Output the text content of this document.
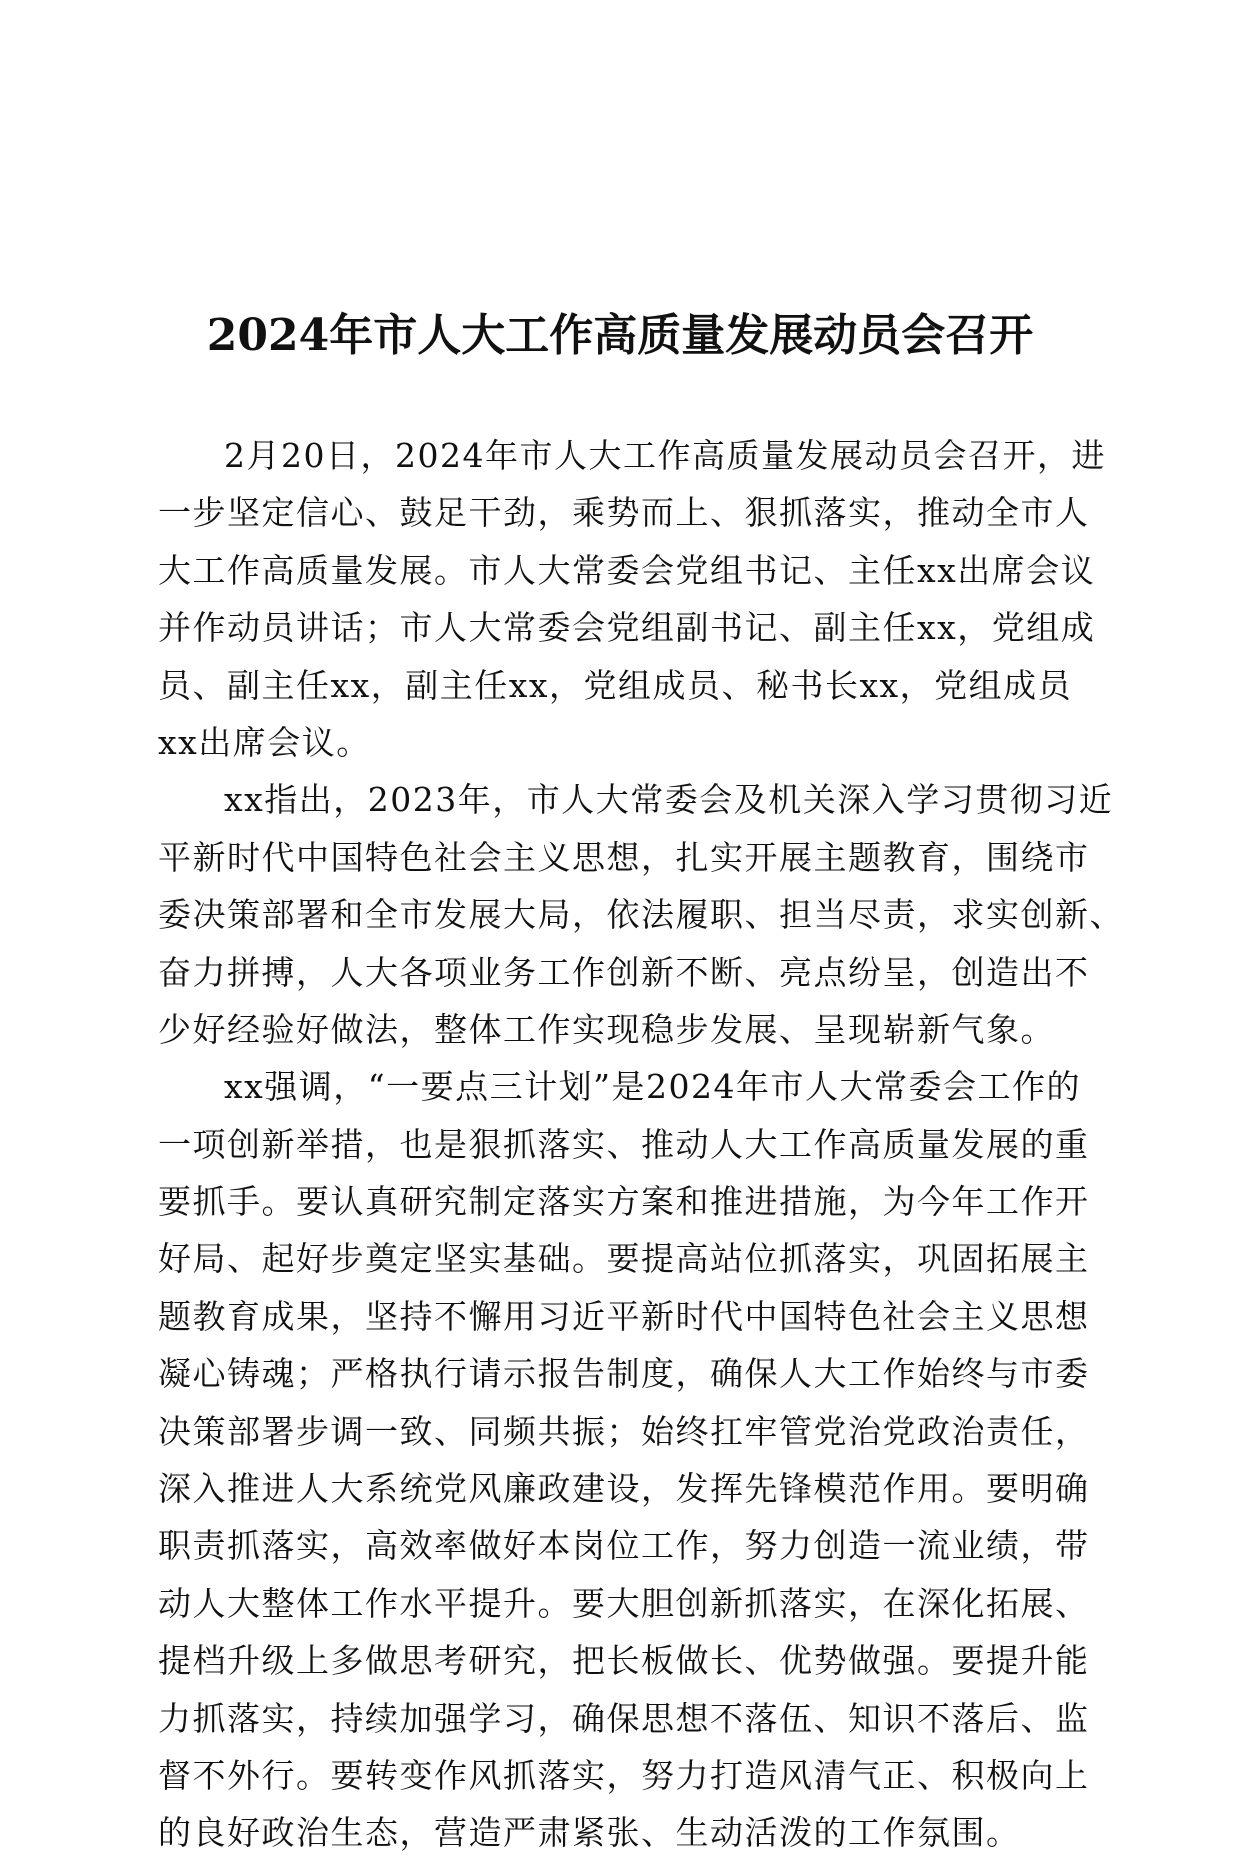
2024年市人大工作高质量发展动员会召开
2月20日，2024年市人大工作高质量发展动员会召开，进
一步坚定信心、鼓足干劲，乘势而上、狠抓落实，推动全市人
大工作高质量发展。市人大常委会党组书记、主任xx出席会议
并作动员讲话；市人大常委会党组副书记、副主任xx，党组成
员、副主任xx，副主任xx，党组成员、秘书长xx，党组成员
xx出席会议。
xx指出，2023年，市人大常委会及机关深入学习贯彻习近
平新时代中国特色社会主义思想，扎实开展主题教育，围绕市
委决策部署和全市发展大局，依法履职、担当尽责，求实创新、
奋力拼搏，人大各项业务工作创新不断、亮点纷呈，创造出不
少好经验好做法，整体工作实现稳步发展、呈现崭新气象。
xx强调，“一要点三计划”是2024年市人大常委会工作的
一项创新举措，也是狠抓落实、推动人大工作高质量发展的重
要抓手。要认真研究制定落实方案和推进措施，为今年工作开
好局、起好步奠定坚实基础。要提高站位抓落实，巩固拓展主
题教育成果，坚持不懈用习近平新时代中国特色社会主义思想
凝心铸魂；严格执行请示报告制度，确保人大工作始终与市委
决策部署步调一致、同频共振；始终扛牢管党治党政治责任，
深入推进人大系统党风廉政建设，发挥先锋模范作用。要明确
职责抓落实，高效率做好本岗位工作，努力创造一流业绩，带
动人大整体工作水平提升。要大胆创新抓落实，在深化拓展、
提档升级上多做思考研究，把长板做长、优势做强。要提升能
力抓落实，持续加强学习，确保思想不落伍、知识不落后、监
督不外行。要转变作风抓落实，努力打造风清气正、积极向上
的良好政治生态，营造严肃紧张、生动活泼的工作氛围。
